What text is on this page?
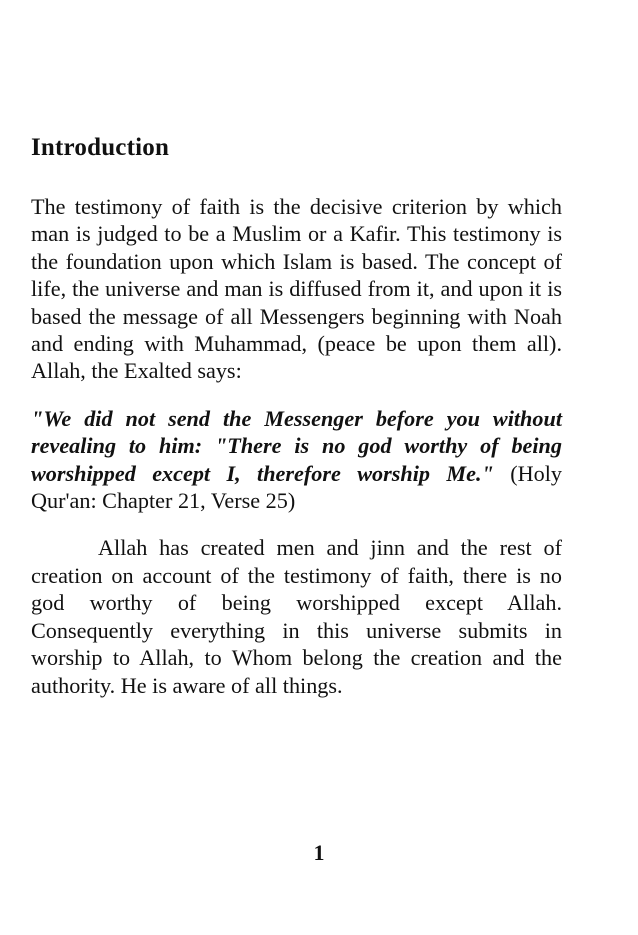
Introduction

The testimony of faith is the decisive criterion by which man is judged to be a Muslim or a Kafir. This testimony is the foundation upon which Islam is based. The concept of life, the universe and man is diffused from it, and upon it is based the message of all Messengers beginning with Noah and ending with Muhammad, (peace be upon them all). Allah, the Exalted says:

"We did not send the Messenger before you without revealing to him: "There is no god worthy of being worshipped except I, therefore worship Me." (Holy Qur'an: Chapter 21, Verse 25)

Allah has created men and jinn and the rest of creation on account of the testimony of faith, there is no god worthy of being worshipped except Allah. Consequently everything in this universe submits in worship to Allah, to Whom belong the creation and the authority. He is aware of all things.

1
